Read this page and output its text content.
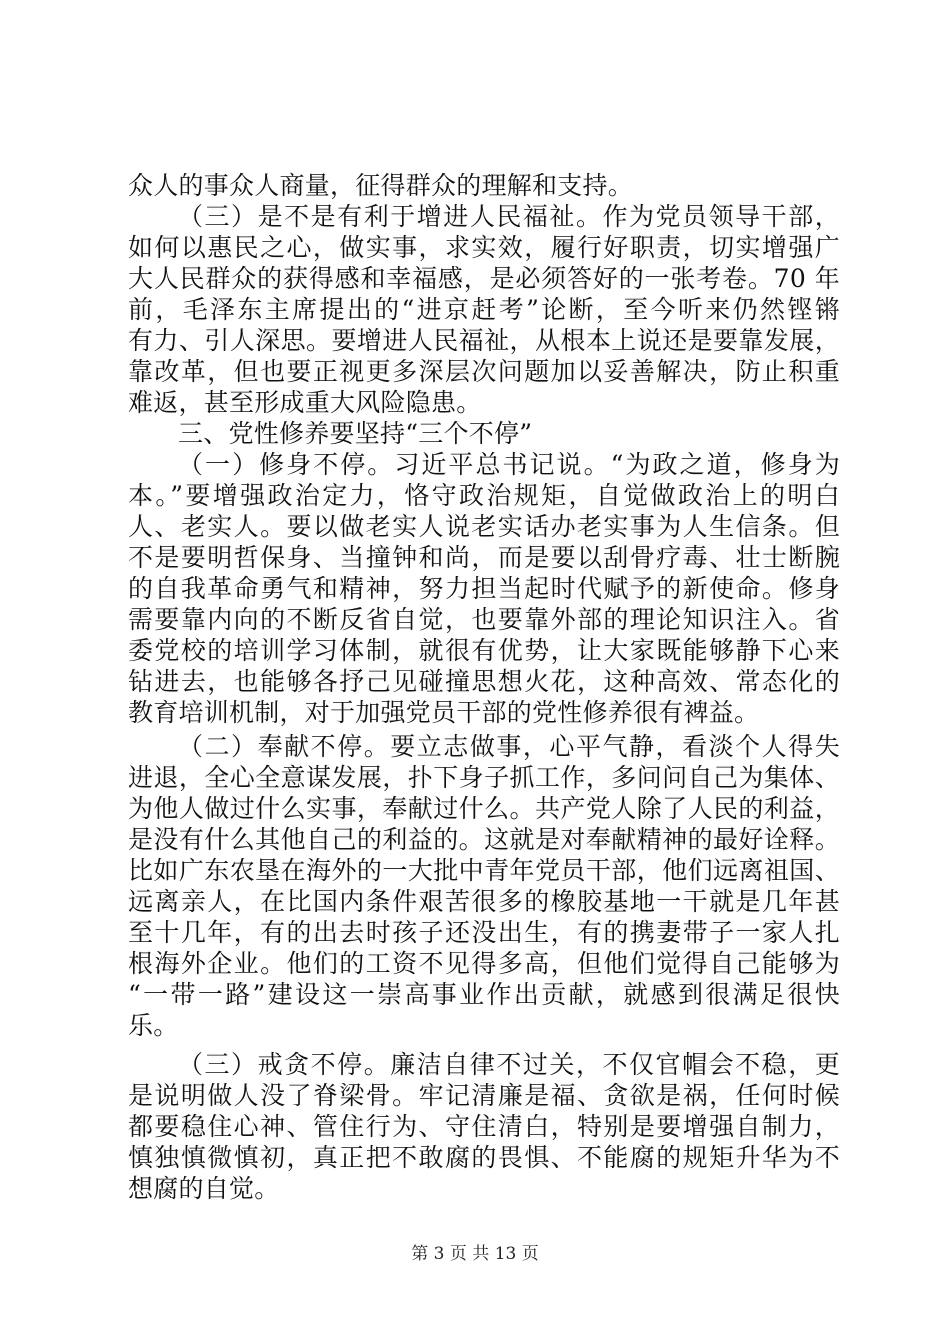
众人的事众人商量，征得群众的理解和支持。
（三）是不是有利于增进人民福祉。作为党员领导干部，
如何以惠民之心，做实事，求实效，履行好职责，切实增强广
大人民群众的获得感和幸福感，是必须答好的一张考卷。70 年
前，毛泽东主席提出的“进京赶考”论断，至今听来仍然铿锵
有力、引人深思。要增进人民福祉，从根本上说还是要靠发展，
靠改革，但也要正视更多深层次问题加以妥善解决，防止积重
难返，甚至形成重大风险隐患。
三、党性修养要坚持“三个不停”
（一）修身不停。习近平总书记说。“为政之道，修身为
本。”要增强政治定力，恪守政治规矩，自觉做政治上的明白
人、老实人。要以做老实人说老实话办老实事为人生信条。但
不是要明哲保身、当撞钟和尚，而是要以刮骨疗毒、壮士断腕
的自我革命勇气和精神，努力担当起时代赋予的新使命。修身
需要靠内向的不断反省自觉，也要靠外部的理论知识注入。省
委党校的培训学习体制，就很有优势，让大家既能够静下心来
钻进去，也能够各抒己见碰撞思想火花，这种高效、常态化的
教育培训机制，对于加强党员干部的党性修养很有裨益。
（二）奉献不停。要立志做事，心平气静，看淡个人得失
进退，全心全意谋发展，扑下身子抓工作，多问问自己为集体、
为他人做过什么实事，奉献过什么。共产党人除了人民的利益，
是没有什么其他自己的利益的。这就是对奉献精神的最好诠释。
比如广东农垦在海外的一大批中青年党员干部，他们远离祖国、
远离亲人，在比国内条件艰苦很多的橡胶基地一干就是几年甚
至十几年，有的出去时孩子还没出生，有的携妻带子一家人扎
根海外企业。他们的工资不见得多高，但他们觉得自己能够为
“一带一路”建设这一崇高事业作出贡献，就感到很满足很快
乐。
（三）戒贪不停。廉洁自律不过关，不仅官帽会不稳，更
是说明做人没了脊梁骨。牢记清廉是福、贪欲是祸，任何时候
都要稳住心神、管住行为、守住清白，特别是要增强自制力，
慎独慎微慎初，真正把不敢腐的畏惧、不能腐的规矩升华为不
想腐的自觉。
第 3 页 共 13 页
